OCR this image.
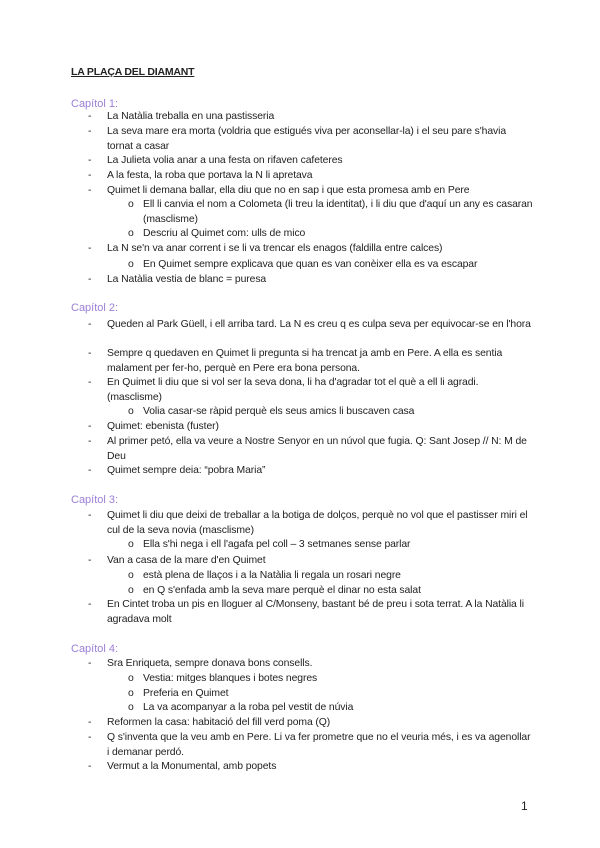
LA PLAÇA DEL DIAMANT
Capítol 1:
- La Natàlia treballa en una pastisseria
- La seva mare era morta (voldria que estigués viva per aconsellar-la) i el seu pare s'havia tornat a casar
- La Julieta volia anar a una festa on rifaven cafeteres
- A la festa, la roba que portava la N li apretava
- Quimet li demana ballar, ella diu que no en sap i que esta promesa amb en Pere
o Ell li canvia el nom a Colometa (li treu la identitat), i li diu que d'aquí un any es casaran (masclisme)
o Descriu al Quimet com: ulls de mico
- La N se'n va anar corrent i se li va trencar els enagos (faldilla entre calces)
o En Quimet sempre explicava que quan es van conèixer ella es va escapar
- La Natàlia vestia de blanc = puresa
Capítol 2:
- Queden al Park Güell, i ell arriba tard. La N es creu q es culpa seva per equivocar-se en l'hora
- Sempre q quedaven en Quimet li pregunta si ha trencat ja amb en Pere. A ella es sentia malament per fer-ho, perquè en Pere era bona persona.
- En Quimet li diu que si vol ser la seva dona, li ha d'agradar tot el què a ell li agradi. (masclisme)
o Volia casar-se ràpid perquè els seus amics li buscaven casa
- Quimet: ebenista (fuster)
- Al primer petó, ella va veure a Nostre Senyor en un núvol que fugia. Q: Sant Josep // N: M de Deu
- Quimet sempre deia: “pobra Maria”
Capítol 3:
- Quimet li diu que deixi de treballar a la botiga de dolços, perquè no vol que el pastisser miri el cul de la seva novia (masclisme)
o Ella s'hi nega i ell l'agafa pel coll – 3 setmanes sense parlar
- Van a casa de la mare d'en Quimet
o està plena de llaços i a la Natàlia li regala un rosari negre
o en Q s'enfada amb la seva mare perquè el dinar no esta salat
- En Cintet troba un pis en lloguer al C/Monseny, bastant bé de preu i sota terrat. A la Natàlia li agradava molt
Capítol 4:
- Sra Enriqueta, sempre donava bons consells.
o Vestia: mitges blanques i botes negres
o Preferia en Quimet
o La va acompanyar a la roba pel vestit de núvia
- Reformen la casa: habitació del fill verd poma (Q)
- Q s'inventa que la veu amb en Pere. Li va fer prometre que no el veuria més, i es va agenollar i demanar perdó.
- Vermut a la Monumental, amb popets
1
